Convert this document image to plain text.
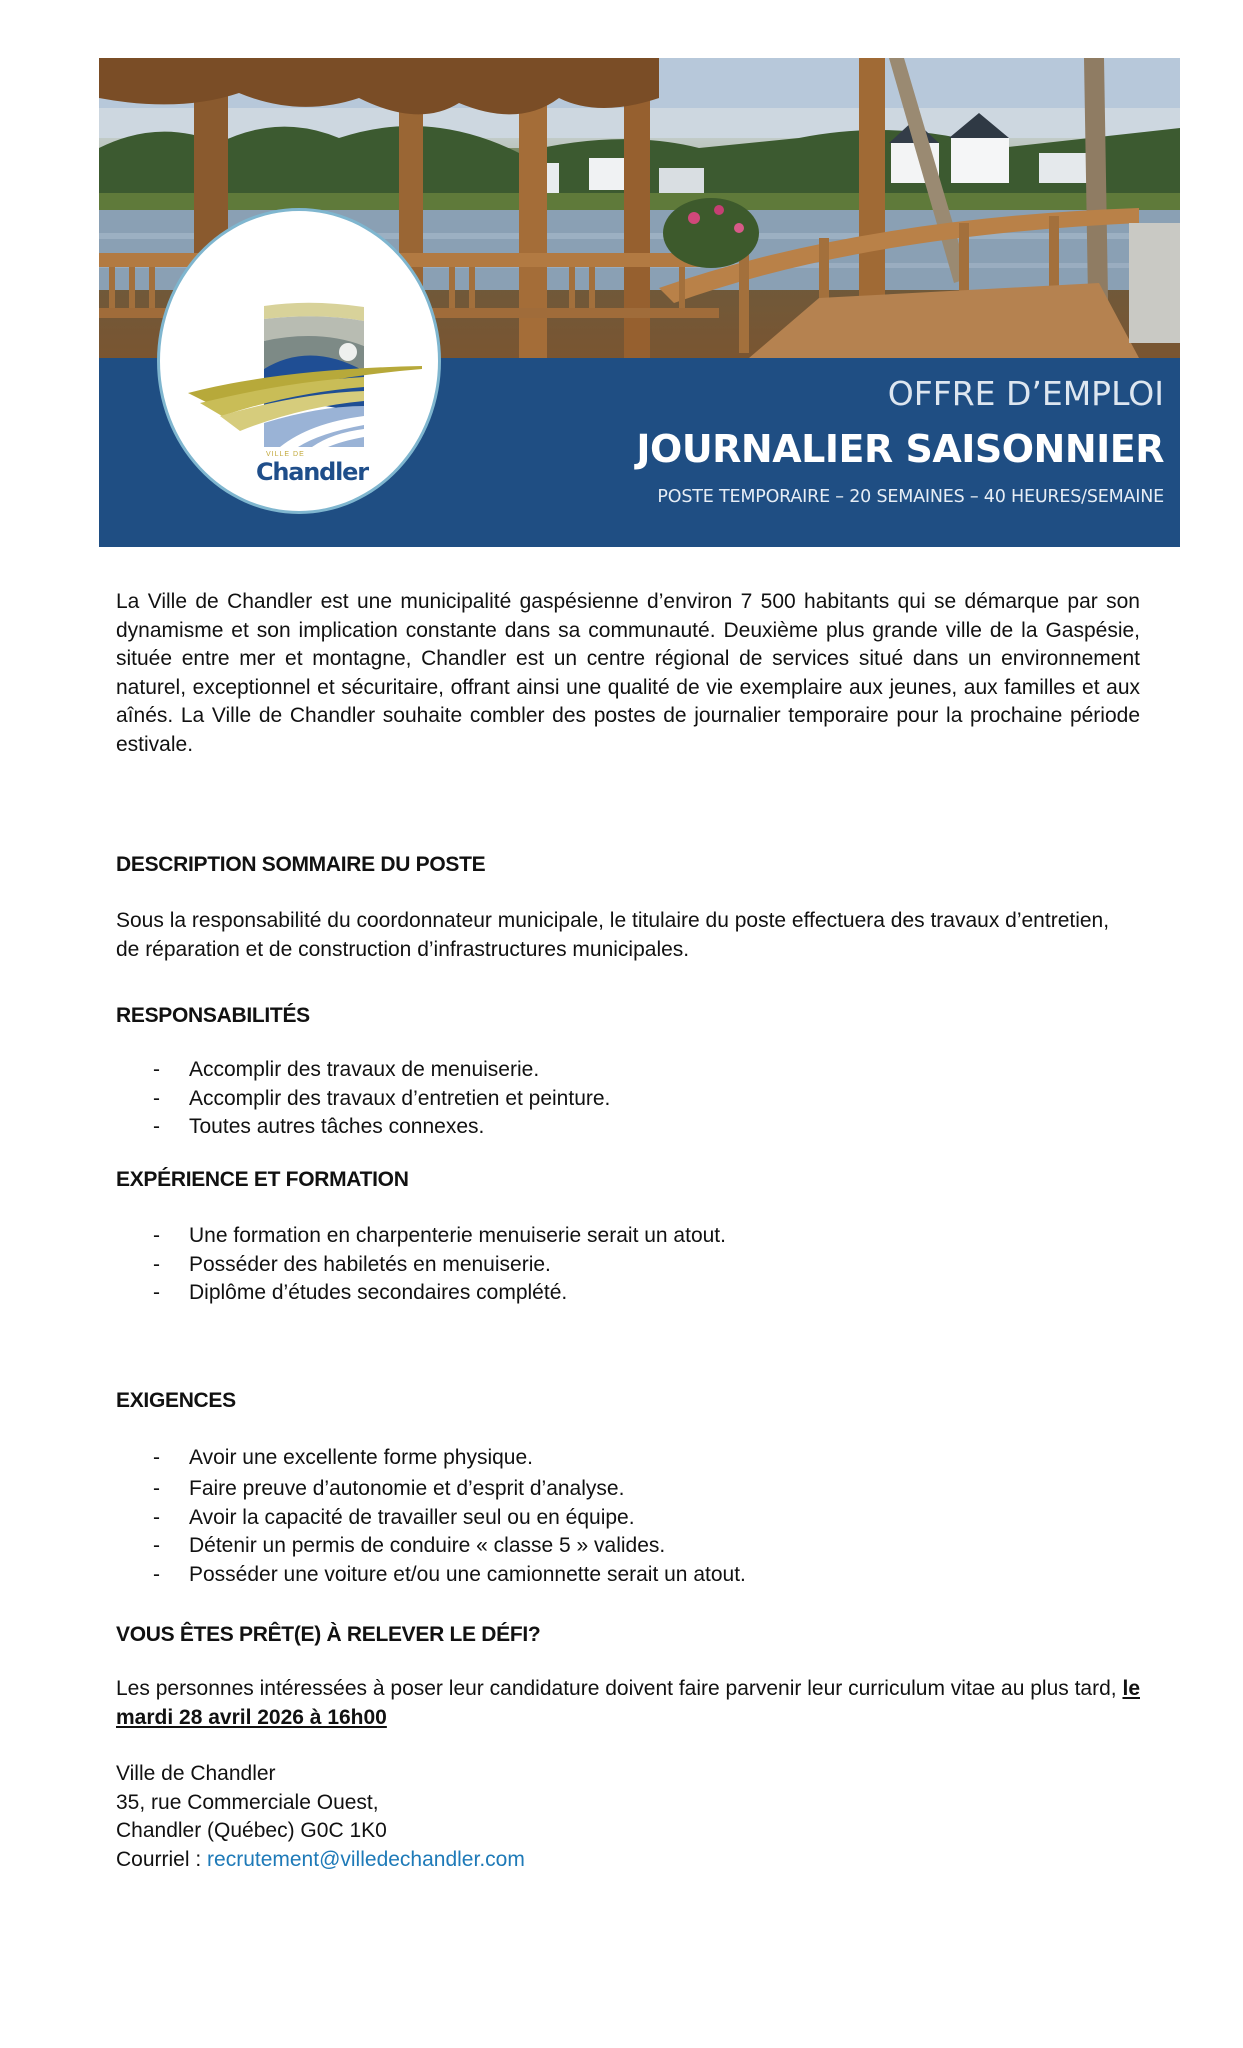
OFFRE D’EMPLOI
JOURNALIER SAISONNIER
POSTE TEMPORAIRE – 20 SEMAINES – 40 HEURES/SEMAINE
VILLE DE
Chandler

La Ville de Chandler est une municipalité gaspésienne d’environ 7 500 habitants qui se démarque par son dynamisme et son implication constante dans sa communauté. Deuxième plus grande ville de la Gaspésie, située entre mer et montagne, Chandler est un centre régional de services situé dans un environnement naturel, exceptionnel et sécuritaire, offrant ainsi une qualité de vie exemplaire aux jeunes, aux familles et aux aînés. La Ville de Chandler souhaite combler des postes de journalier temporaire pour la prochaine période estivale.

DESCRIPTION SOMMAIRE DU POSTE

Sous la responsabilité du coordonnateur municipale, le titulaire du poste effectuera des travaux d’entretien, de réparation et de construction d’infrastructures municipales.

RESPONSABILITÉS
- Accomplir des travaux de menuiserie.
- Accomplir des travaux d’entretien et peinture.
- Toutes autres tâches connexes.
EXPÉRIENCE ET FORMATION
- Une formation en charpenterie menuiserie serait un atout.
- Posséder des habiletés en menuiserie.
- Diplôme d’études secondaires complété.
EXIGENCES
- Avoir une excellente forme physique.
- Faire preuve d’autonomie et d’esprit d’analyse.
- Avoir la capacité de travailler seul ou en équipe.
- Détenir un permis de conduire « classe 5 » valides.
- Posséder une voiture et/ou une camionnette serait un atout.
VOUS ÊTES PRÊT(E) À RELEVER LE DÉFI?

Les personnes intéressées à poser leur candidature doivent faire parvenir leur curriculum vitae au plus tard, le mardi 28 avril 2026 à 16h00

Ville de Chandler
35, rue Commerciale Ouest,
Chandler (Québec) G0C 1K0
Courriel : recrutement@villedechandler.com
